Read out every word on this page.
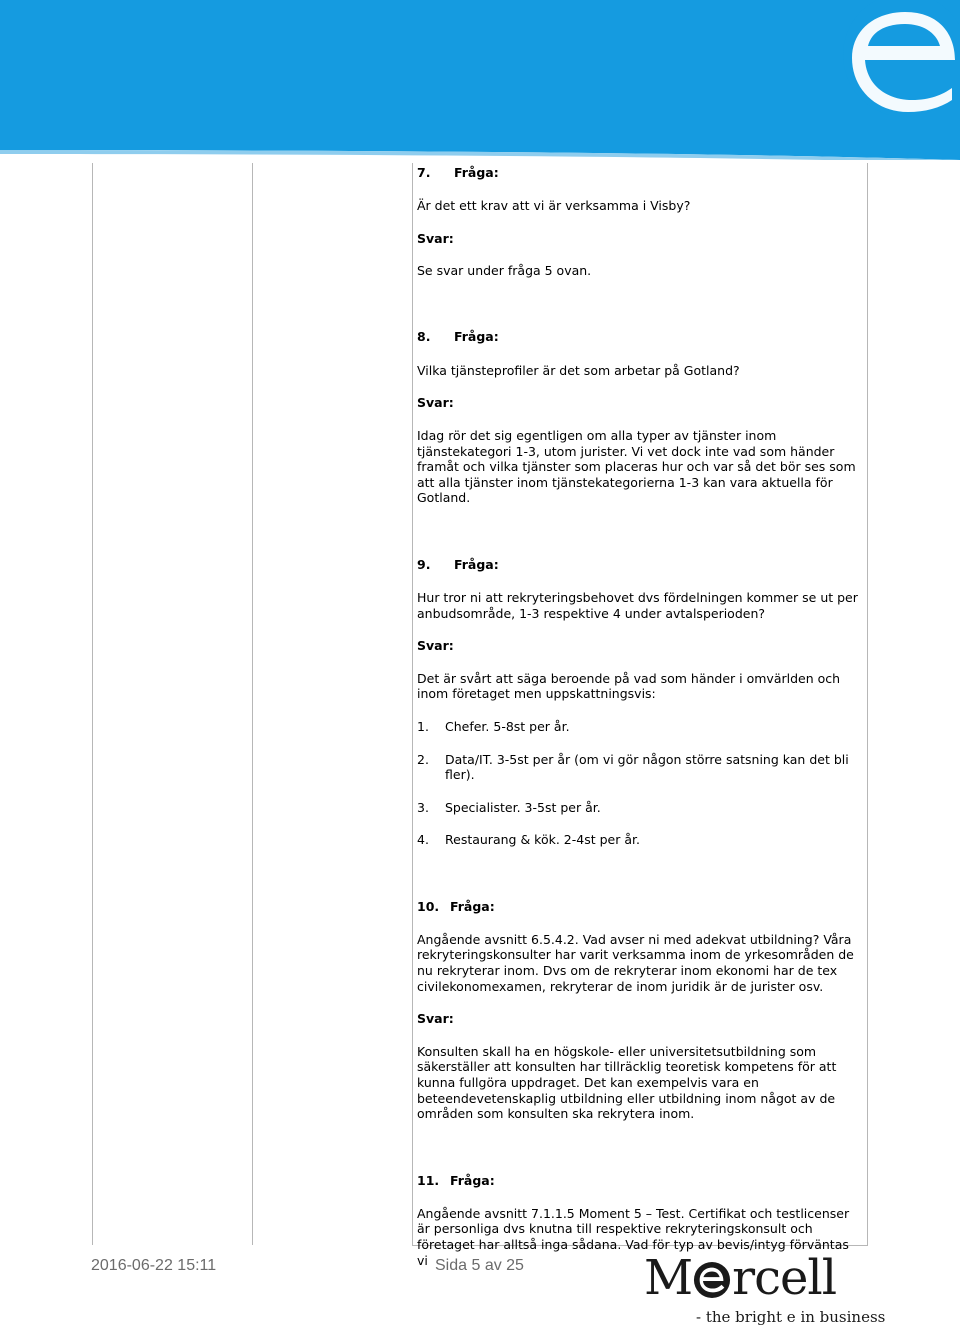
7.	Fråga:
Är det ett krav att vi är verksamma i Visby?
Svar:
Se svar under fråga 5 ovan.
8.	Fråga:
Vilka tjänsteprofiler är det som arbetar på Gotland?
Svar:
Idag rör det sig egentligen om alla typer av tjänster inom tjänstekategori 1-3, utom jurister. Vi vet dock inte vad som händer framåt och vilka tjänster som placeras hur och var så det bör ses som att alla tjänster inom tjänstekategorierna 1-3 kan vara aktuella för Gotland.
9.	Fråga:
Hur tror ni att rekryteringsbehovet dvs fördelningen kommer se ut per anbudsområde, 1-3 respektive 4 under avtalsperioden?
Svar:
Det är svårt att säga beroende på vad som händer i omvärlden och inom företaget men uppskattningsvis:
1.	Chefer. 5-8st per år.
2.	Data/IT. 3-5st per år (om vi gör någon större satsning kan det bli fler).
3.	Specialister. 3-5st per år.
4.	Restaurang & kök. 2-4st per år.
10. Fråga:
Angående avsnitt 6.5.4.2. Vad avser ni med adekvat utbildning? Våra rekryteringskonsulter har varit verksamma inom de yrkesområden de nu rekryterar inom. Dvs om de rekryterar inom ekonomi har de tex civilekonomexamen, rekryterar de inom juridik är de jurister osv.
Svar:
Konsulten skall ha en högskole- eller universitetsutbildning som säkerställer att konsulten har tillräcklig teoretisk kompetens för att kunna fullgöra uppdraget. Det kan exempelvis vara en beteendevetenskaplig utbildning eller utbildning inom något av de områden som konsulten ska rekrytera inom.
11. Fråga:
Angående avsnitt 7.1.1.5 Moment 5 – Test. Certifikat och testlicenser är personliga dvs knutna till respektive rekryteringskonsult och företaget har alltså inga sådana. Vad för typ av bevis/intyg förväntas vi
2016-06-22 15:11	Sida 5 av 25	M rcell
- the bright e in business
